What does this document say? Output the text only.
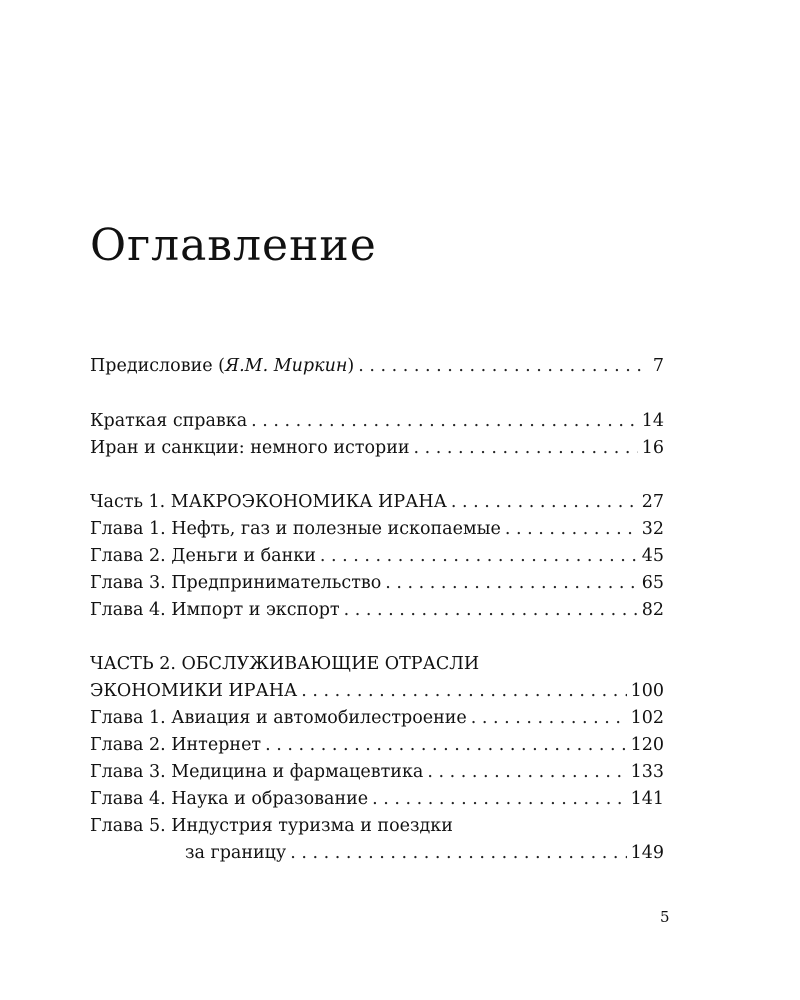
Оглавление
Предисловие (Я.М. Миркин) . . .	7
Краткая справка . . .	14
Иран и санкции: немного истории . . .	16
Часть 1. МАКРОЭКОНОМИКА ИРАНА . . .	27
Глава 1. Нефть, газ и полезные ископаемые . . .	32
Глава 2. Деньги и банки . . .	45
Глава 3. Предпринимательство . . .	65
Глава 4. Импорт и экспорт . . .	82
ЧАСТЬ 2. ОБСЛУЖИВАЮЩИЕ ОТРАСЛИ
ЭКОНОМИКИ ИРАНА . . .	100
Глава 1. Авиация и автомобилестроение . . .	102
Глава 2. Интернет . . .	120
Глава 3. Медицина и фармацевтика . . .	133
Глава 4. Наука и образование . . .	141
Глава 5. Индустрия туризма и поездки
за границу . . .	149
5
